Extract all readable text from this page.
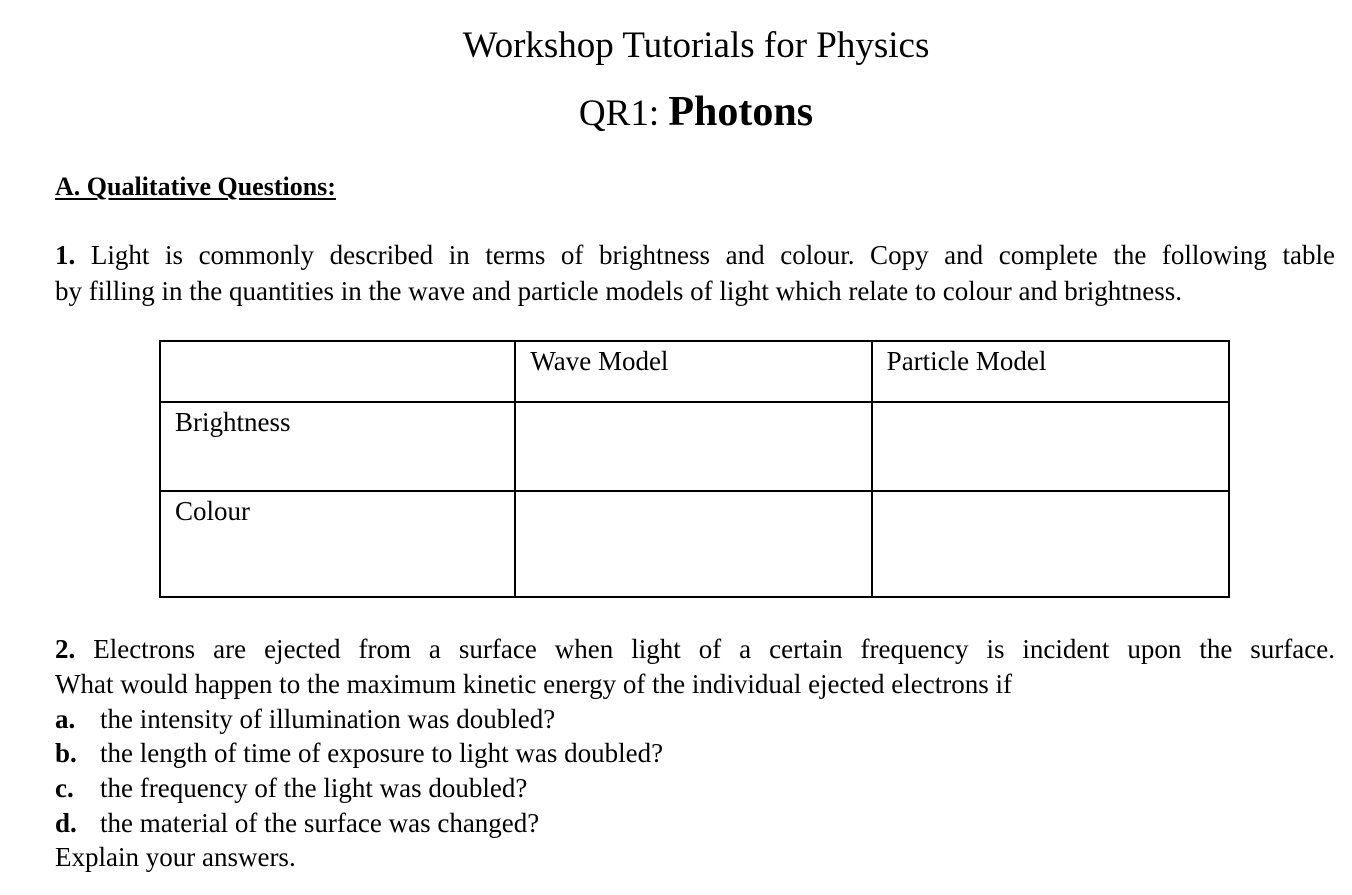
Workshop Tutorials for Physics
QR1: Photons
A. Qualitative Questions:
1. Light is commonly described in terms of brightness and colour. Copy and complete the following table
by filling in the quantities in the wave and particle models of light which relate to colour and brightness.
	Wave Model	Particle Model
Brightness		
Colour		
2. Electrons are ejected from a surface when light of a certain frequency is incident upon the surface.
What would happen to the maximum kinetic energy of the individual ejected electrons if
a. the intensity of illumination was doubled?
b. the length of time of exposure to light was doubled?
c. the frequency of the light was doubled?
d. the material of the surface was changed?
Explain your answers.
